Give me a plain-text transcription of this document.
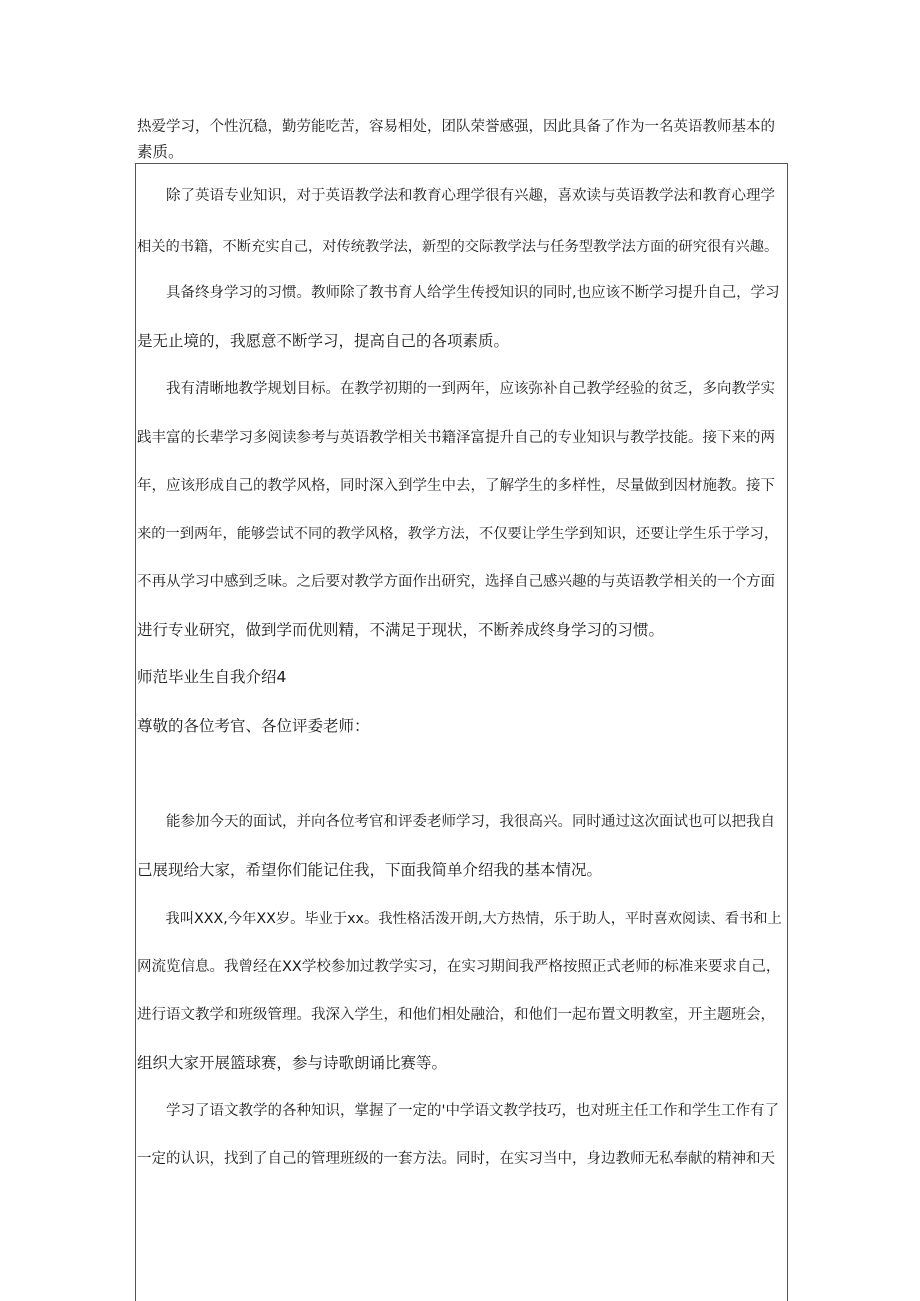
热爱学习，个性沉稳，勤劳能吃苦，容易相处，团队荣誉感强，因此具备了作为一名英语教师基本的
素质。
　　除了英语专业知识，对于英语教学法和教育心理学很有兴趣，喜欢读与英语教学法和教育心理学
相关的书籍，不断充实自己，对传统教学法，新型的交际教学法与任务型教学法方面的研究很有兴趣。
　　具备终身学习的习惯。教师除了教书育人给学生传授知识的同时,也应该不断学习提升自己，学习
是无止境的，我愿意不断学习，提高自己的各项素质。
　　我有清晰地教学规划目标。在教学初期的一到两年，应该弥补自己教学经验的贫乏，多向教学实
践丰富的长辈学习多阅读参考与英语教学相关书籍泽富提升自己的专业知识与教学技能。接下来的两
年，应该形成自己的教学风格，同时深入到学生中去，了解学生的多样性，尽量做到因材施教。接下
来的一到两年，能够尝试不同的教学风格，教学方法，不仅要让学生学到知识，还要让学生乐于学习，
不再从学习中感到乏味。之后要对教学方面作出研究，选择自己感兴趣的与英语教学相关的一个方面
进行专业研究，做到学而优则精，不满足于现状，不断养成终身学习的习惯。
师范毕业生自我介绍4
尊敬的各位考官、各位评委老师：
　　能参加今天的面试，并向各位考官和评委老师学习，我很高兴。同时通过这次面试也可以把我自
己展现给大家，希望你们能记住我，下面我简单介绍我的基本情况。
　　我叫XXX,今年XX岁。毕业于xx。我性格活泼开朗,大方热情，乐于助人，平时喜欢阅读、看书和上
网流览信息。我曾经在XX学校参加过教学实习，在实习期间我严格按照正式老师的标准来要求自己，
进行语文教学和班级管理。我深入学生，和他们相处融洽，和他们一起布置文明教室，开主题班会，
组织大家开展篮球赛，参与诗歌朗诵比赛等。
　　学习了语文教学的各种知识，掌握了一定的'中学语文教学技巧，也对班主任工作和学生工作有了
一定的认识，找到了自己的管理班级的一套方法。同时，在实习当中，身边教师无私奉献的精神和天
